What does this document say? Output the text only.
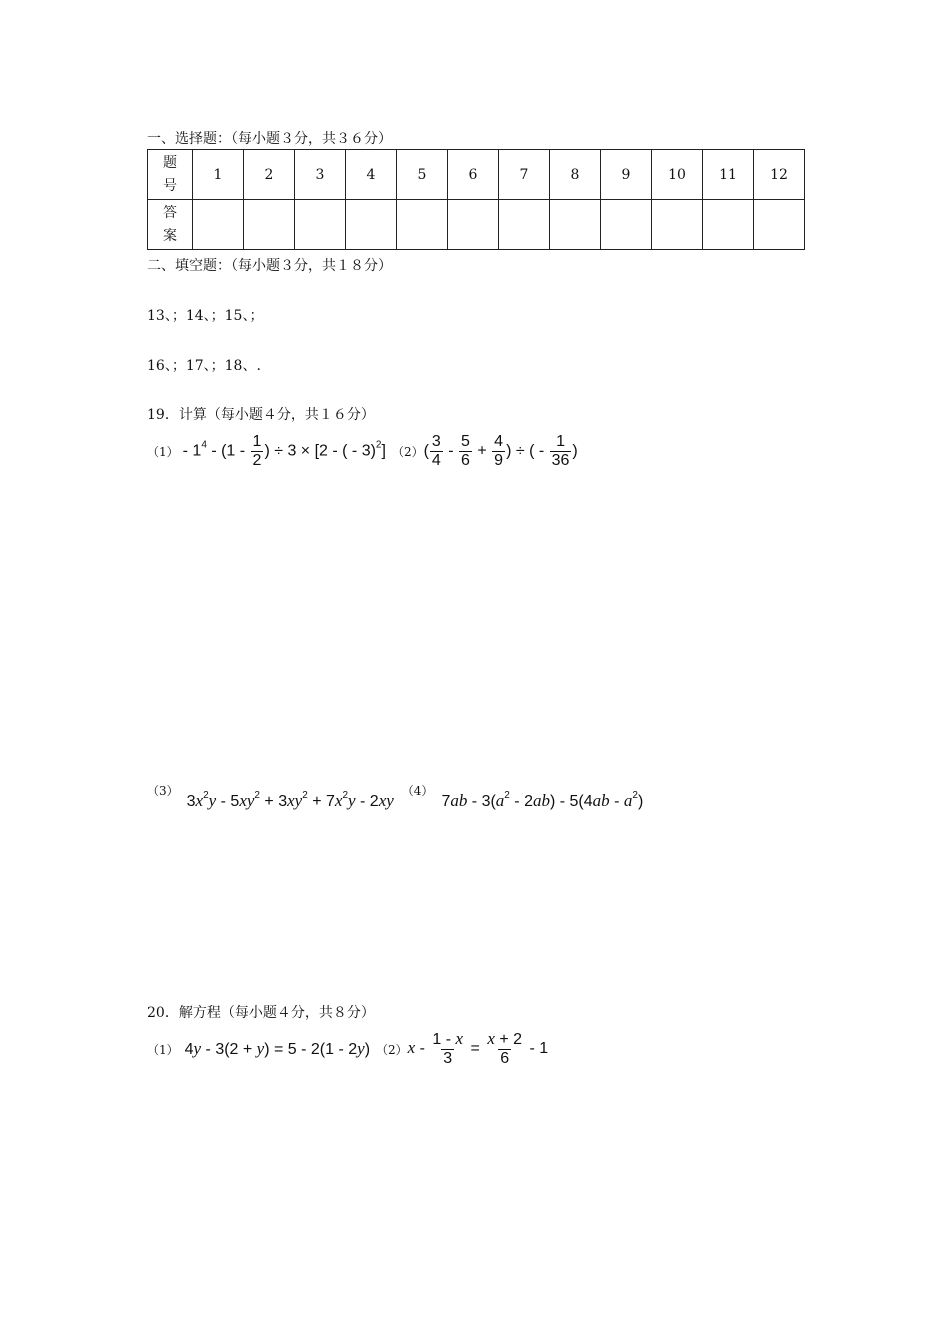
一、选择题：（每小题３分，共３６分）
题
号	1	2	3	4	5	6	7	8	9	10	11	12

答
案												

二、填空题：（每小题３分，共１８分）
13、；14、；15、；
16、；17、；18、.
19．计算（每小题４分，共１６分）
$(1) - 1^4 - (1 - \frac{1}{2}$ ) ÷ 3 × [2 - ( - 3)$^2$] （2） ( $\frac{3}{4} - \frac{5}{6} + \frac{4}{9}$ ) ÷ ( - $\frac{1}{36}$ )
（3）
$3x^2y - 5xy^2 + 3xy^2 + 7x^2y - 2xy$ （4）
$7ab - 3(a^2 - 2ab) - 5(4ab - a^2)$
20．解方程（每小题４分，共８分）
（1） 4y - 3(2 + y) = 5 - 2(1 - 2y) （2） $x - \frac{1 - x}{3} = \frac{x + 2}{6} - 1$
